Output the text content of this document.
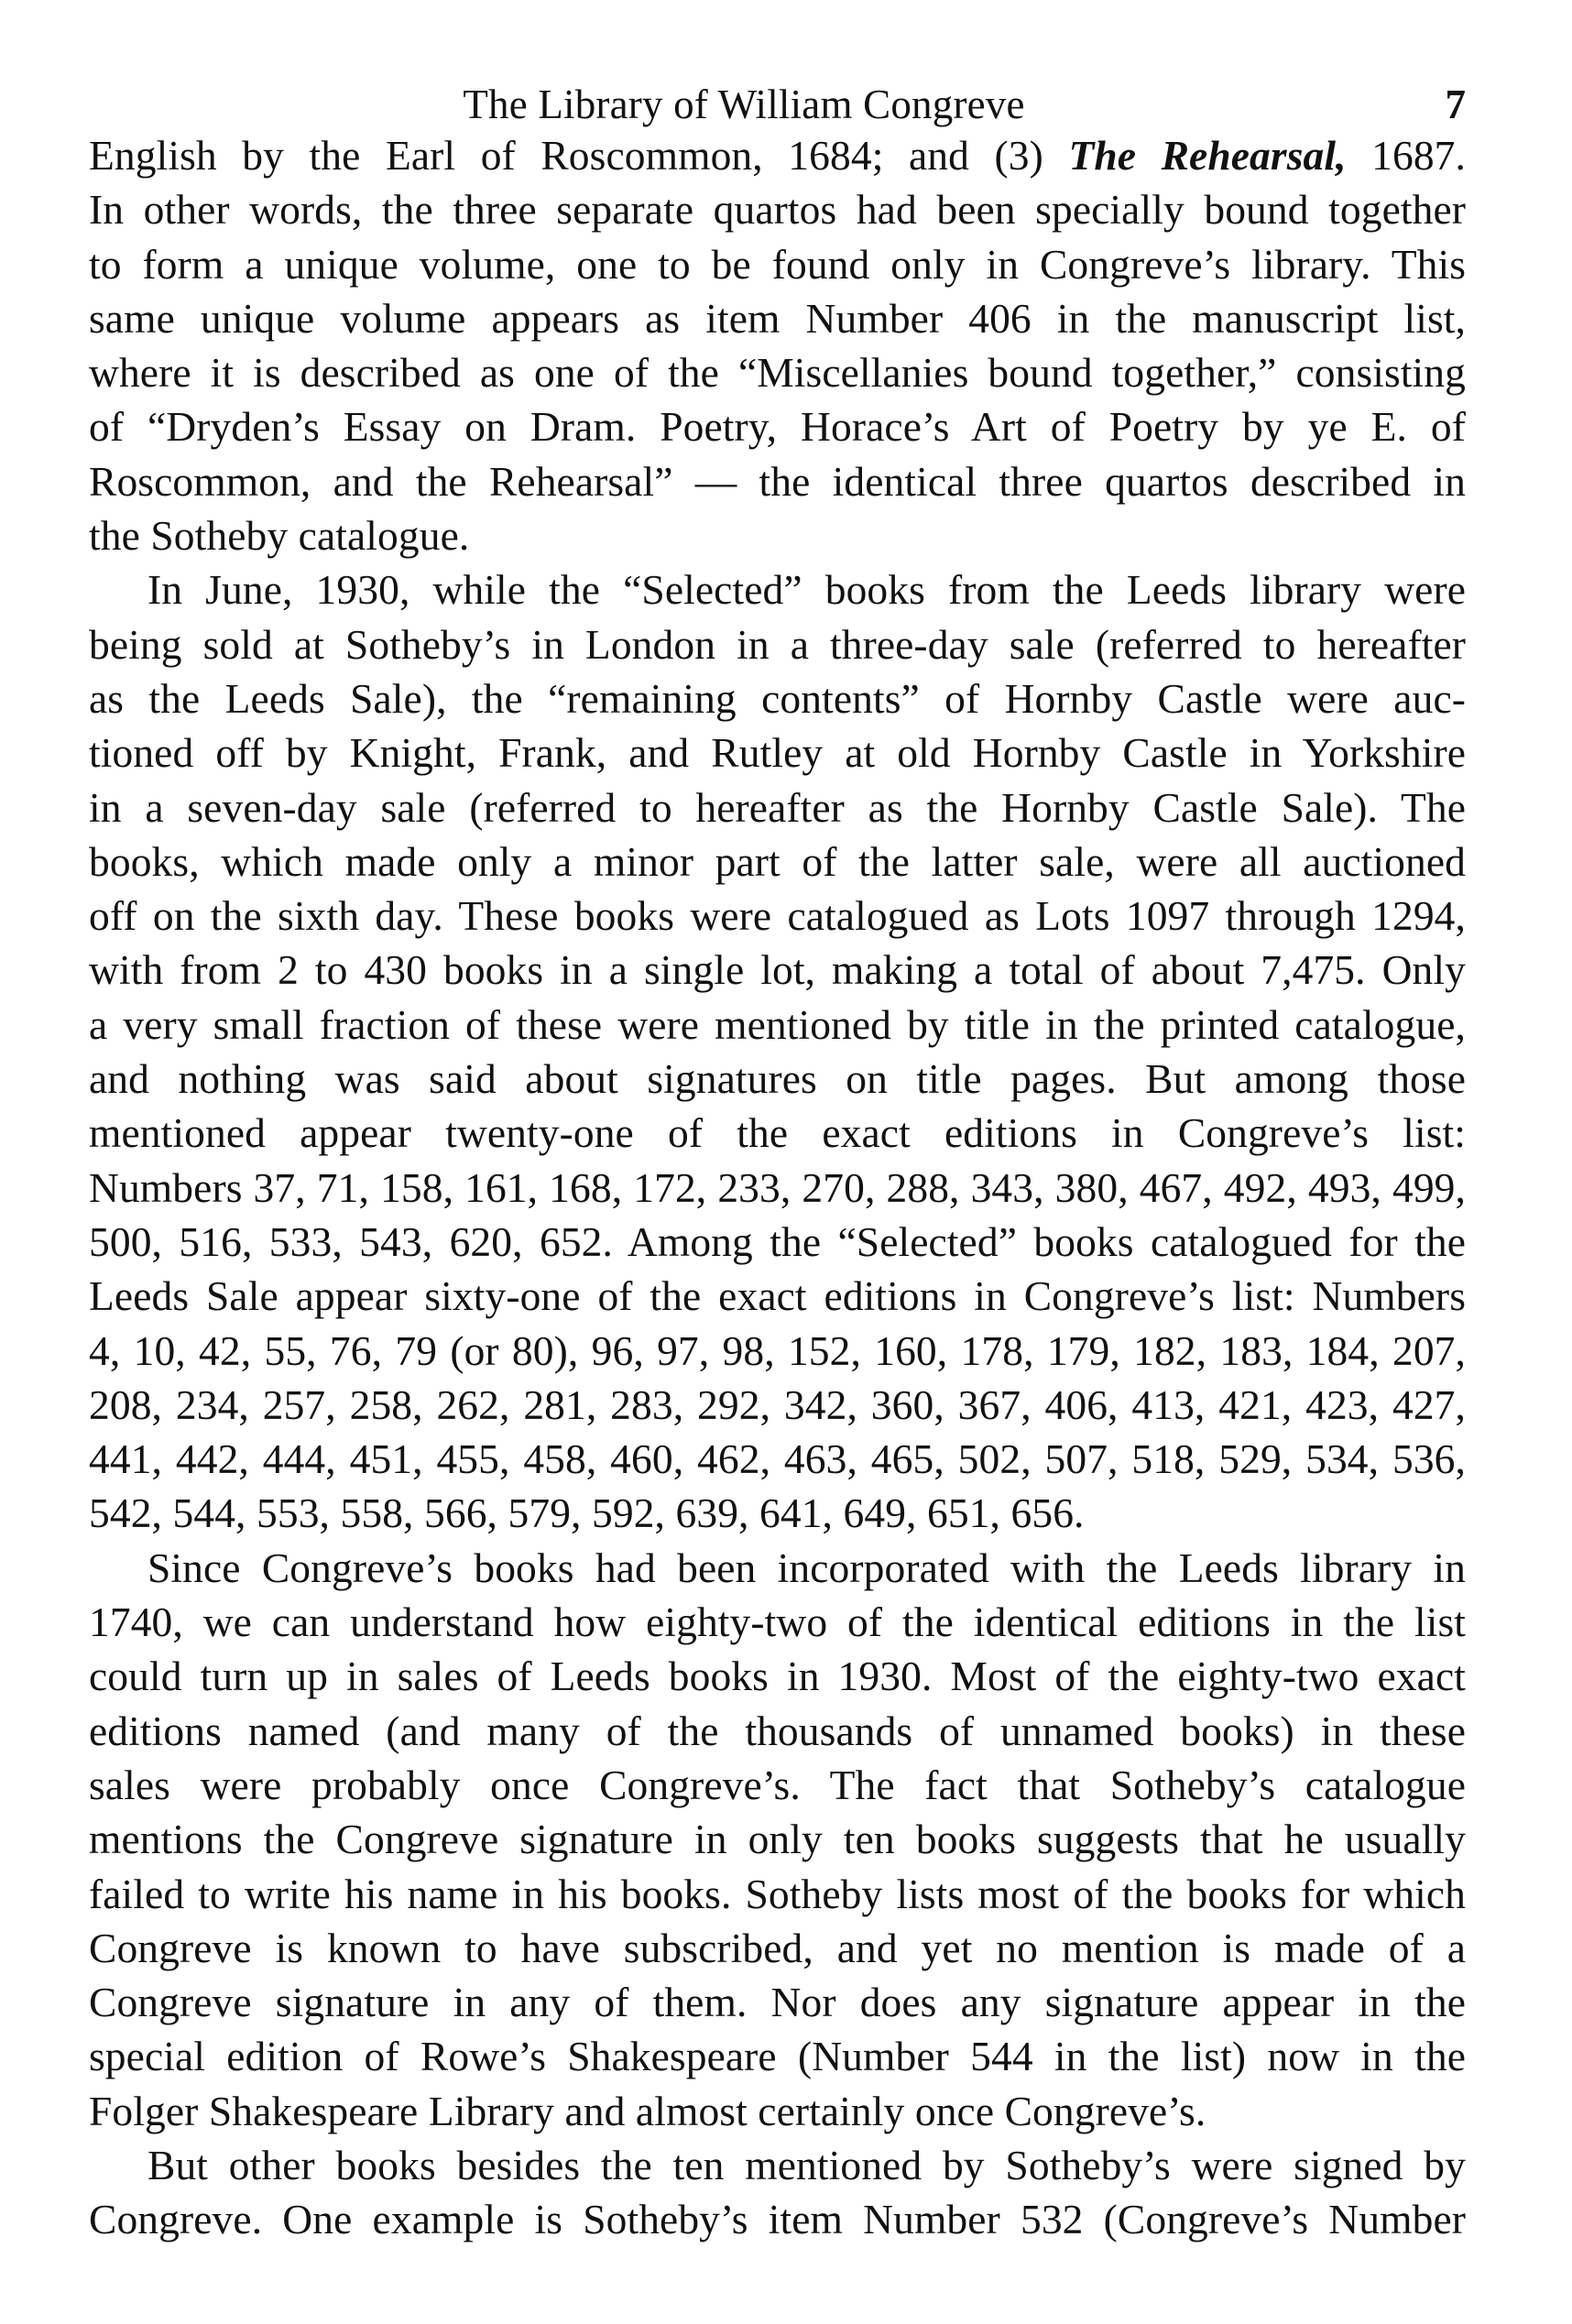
The Library of William Congreve	7
English by the Earl of Roscommon, 1684; and (3) The Rehearsal, 1687.
In other words, the three separate quartos had been specially bound together
to form a unique volume, one to be found only in Congreve’s library. This
same unique volume appears as item Number 406 in the manuscript list,
where it is described as one of the “Miscellanies bound together,” consisting
of “Dryden’s Essay on Dram. Poetry, Horace’s Art of Poetry by ye E. of
Roscommon, and the Rehearsal” — the identical three quartos described in
the Sotheby catalogue.
In June, 1930, while the “Selected” books from the Leeds library were
being sold at Sotheby’s in London in a three-day sale (referred to hereafter
as the Leeds Sale), the “remaining contents” of Hornby Castle were auc-
tioned off by Knight, Frank, and Rutley at old Hornby Castle in Yorkshire
in a seven-day sale (referred to hereafter as the Hornby Castle Sale). The
books, which made only a minor part of the latter sale, were all auctioned
off on the sixth day. These books were catalogued as Lots 1097 through 1294,
with from 2 to 430 books in a single lot, making a total of about 7,475. Only
a very small fraction of these were mentioned by title in the printed catalogue,
and nothing was said about signatures on title pages. But among those
mentioned appear twenty-one of the exact editions in Congreve’s list:
Numbers 37, 71, 158, 161, 168, 172, 233, 270, 288, 343, 380, 467, 492, 493, 499,
500, 516, 533, 543, 620, 652. Among the “Selected” books catalogued for the
Leeds Sale appear sixty-one of the exact editions in Congreve’s list: Numbers
4, 10, 42, 55, 76, 79 (or 80), 96, 97, 98, 152, 160, 178, 179, 182, 183, 184, 207,
208, 234, 257, 258, 262, 281, 283, 292, 342, 360, 367, 406, 413, 421, 423, 427,
441, 442, 444, 451, 455, 458, 460, 462, 463, 465, 502, 507, 518, 529, 534, 536,
542, 544, 553, 558, 566, 579, 592, 639, 641, 649, 651, 656.
Since Congreve’s books had been incorporated with the Leeds library in
1740, we can understand how eighty-two of the identical editions in the list
could turn up in sales of Leeds books in 1930. Most of the eighty-two exact
editions named (and many of the thousands of unnamed books) in these
sales were probably once Congreve’s. The fact that Sotheby’s catalogue
mentions the Congreve signature in only ten books suggests that he usually
failed to write his name in his books. Sotheby lists most of the books for which
Congreve is known to have subscribed, and yet no mention is made of a
Congreve signature in any of them. Nor does any signature appear in the
special edition of Rowe’s Shakespeare (Number 544 in the list) now in the
Folger Shakespeare Library and almost certainly once Congreve’s.
But other books besides the ten mentioned by Sotheby’s were signed by
Congreve. One example is Sotheby’s item Number 532 (Congreve’s Number
